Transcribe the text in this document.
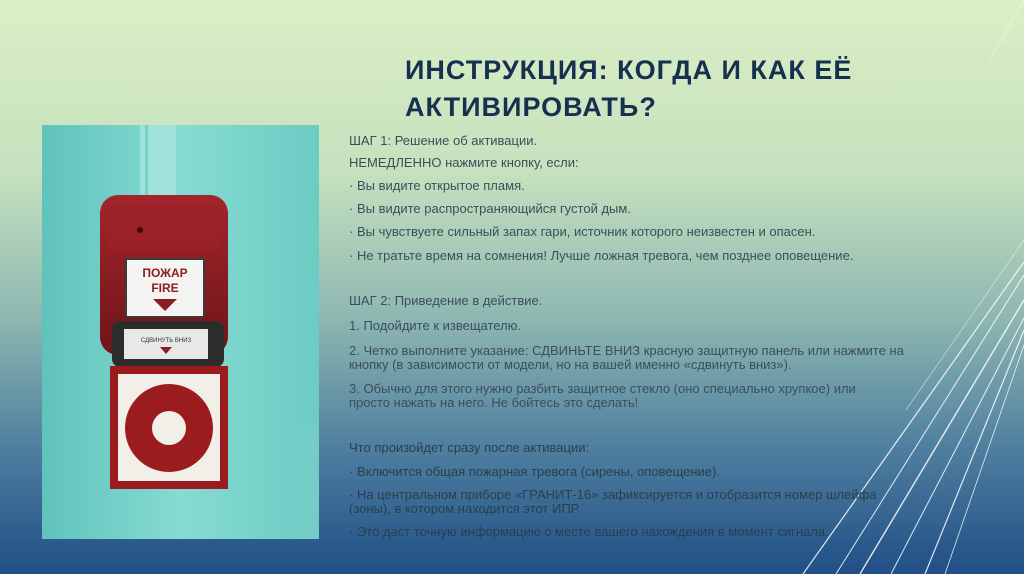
ИНСТРУКЦИЯ: КОГДА И КАК ЕЁ
АКТИВИРОВАТЬ?
ПОЖАР
FIRE
СДВИНУТЬ ВНИЗ
ШАГ 1: Решение об активации.
НЕМЕДЛЕННО нажмите кнопку, если:
· Вы видите открытое пламя.
· Вы видите распространяющийся густой дым.
· Вы чувствуете сильный запах гари, источник которого неизвестен и опасен.
· Не тратьте время на сомнения! Лучше ложная тревога, чем позднее оповещение.
ШАГ 2: Приведение в действие.
1. Подойдите к извещателю.
2. Четко выполните указание: СДВИНЬТЕ ВНИЗ красную защитную панель или нажмите на
кнопку (в зависимости от модели, но на вашей именно «сдвинуть вниз»).
3. Обычно для этого нужно разбить защитное стекло (оно специально хрупкое) или
просто нажать на него. Не бойтесь это сделать!
Что произойдет сразу после активации:
· Включится общая пожарная тревога (сирены, оповещение).
· На центральном приборе «ГРАНИТ-16» зафиксируется и отобразится номер шлейфа
(зоны), в котором находится этот ИПР.
· Это даст точную информацию о месте вашего нахождения в момент сигнала.
